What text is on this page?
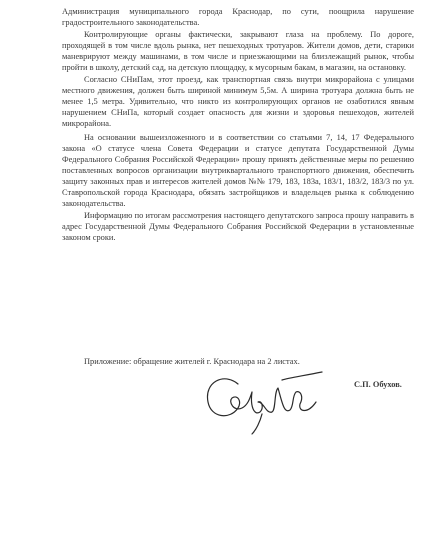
Администрация муниципального города Краснодар, по сути, поощрила нарушение градостроительного законодательства.

Контролирующие органы фактически, закрывают глаза на проблему. По дороге, проходящей в том числе вдоль рынка, нет пешеходных тротуаров. Жители домов, дети, старики маневрируют между машинами, в том числе и приезжающими на близлежащий рынок, чтобы пройти в школу, детский сад, на детскую площадку, к мусорным бакам, в магазин, на остановку.

Согласно СНиПам, этот проезд, как транспортная связь внутри микрорайона с улицами местного движения, должен быть шириной минимум 5,5м. А ширина тротуара должна быть не менее 1,5 метра. Удивительно, что никто из контролирующих органов не озаботился явным нарушением СНиПа, который создает опасность для жизни и здоровья пешеходов, жителей микрорайона.

На основании вышеизложенного и в соответствии со статьями 7, 14, 17 Федерального закона «О статусе члена Совета Федерации и статусе депутата Государственной Думы Федерального Собрания Российской Федерации» прошу принять действенные меры по решению поставленных вопросов организации внутриквартального транспортного движения, обеспечить защиту законных прав и интересов жителей домов №№ 179, 183, 183а, 183/1, 183/2, 183/3 по ул. Ставропольской города Краснодара, обязать застройщиков и владельцев рынка к соблюдению законодательства.

Информацию по итогам рассмотрения настоящего депутатского запроса прошу направить в адрес Государственной Думы Федерального Собрания Российской Федерации в установленные законом сроки.

Приложение: обращение жителей г. Краснодара на 2 листах.
С.П. Обухов.
